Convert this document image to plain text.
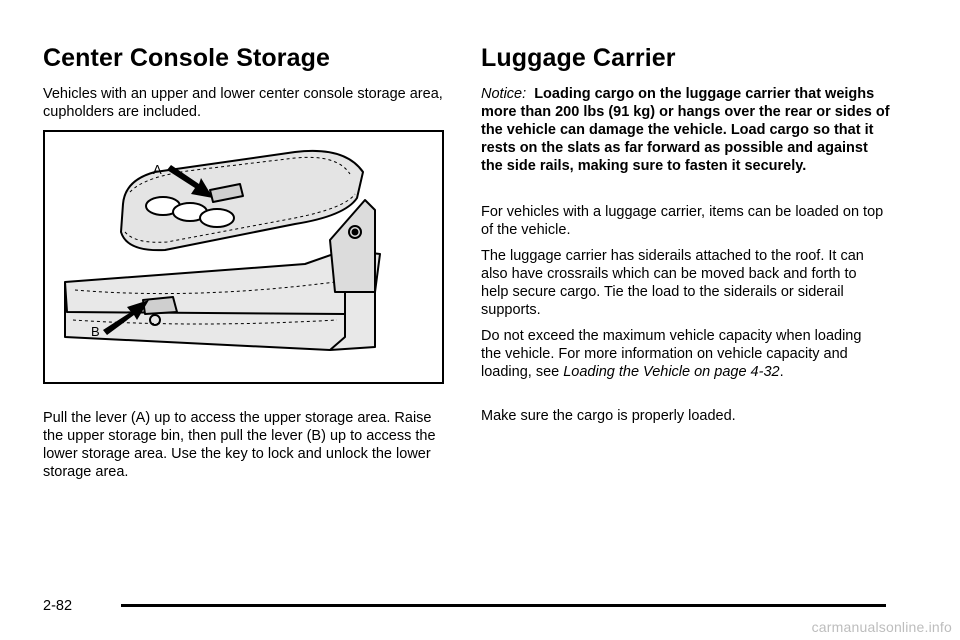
Center Console Storage

Vehicles with an upper and lower center console storage area, cupholders are included.

A
B

Pull the lever (A) up to access the upper storage area. Raise the upper storage bin, then pull the lever (B) up to access the lower storage area. Use the key to lock and unlock the lower storage area.

Luggage Carrier

Notice: Loading cargo on the luggage carrier that weighs more than 200 lbs (91 kg) or hangs over the rear or sides of the vehicle can damage the vehicle. Load cargo so that it rests on the slats as far forward as possible and against the side rails, making sure to fasten it securely.

For vehicles with a luggage carrier, items can be loaded on top of the vehicle.

The luggage carrier has siderails attached to the roof. It can also have crossrails which can be moved back and forth to help secure cargo. Tie the load to the siderails or siderail supports.

Do not exceed the maximum vehicle capacity when loading the vehicle. For more information on vehicle capacity and loading, see Loading the Vehicle on page 4-32.

Make sure the cargo is properly loaded.

2-82
carmanualsonline.info
